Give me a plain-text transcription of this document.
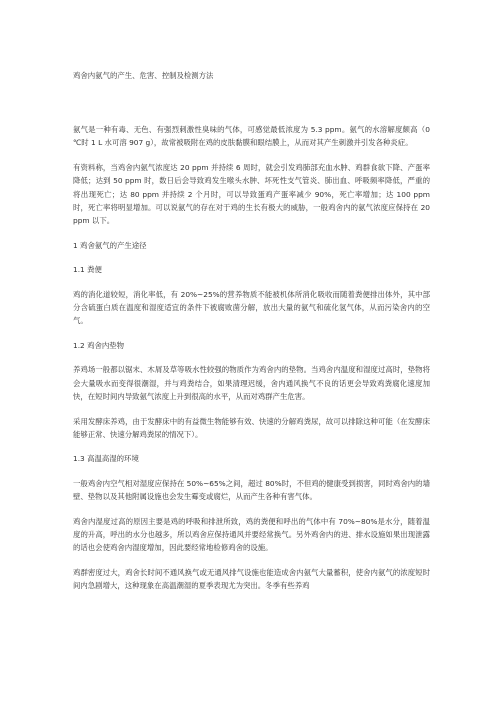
鸡舍内氨气的产生、危害、控制及检测方法
氨气是一种有毒、无色、有强烈刺激性臭味的气体，可感觉最低浓度为 5.3 ppm。氨气的水溶解度颇高（0 ℃时 1 L 水可溶 907 g），故常被吸附在鸡的皮肤黏膜和眼结膜上，从而对其产生刺激并引发各种炎症。
有资料称，当鸡舍内氨气浓度达 20 ppm 并持续 6 周时，就会引发鸡肺部充血水肿、鸡群食欲下降、产蛋率降低；达到 50 ppm 时，数日后会导致鸡发生喉头水肿、坏死性支气管炎、肺出血、呼吸频率降低，严重的将出现死亡；达 80 ppm 并持续 2 个月时，可以导致蛋鸡产蛋率减少 90%，死亡率增加；达 100 ppm 时，死亡率将明显增加。可以说氨气的存在对于鸡的生长有极大的威胁，一般鸡舍内的氨气浓度应保持在 20 ppm 以下。
1 鸡舍氨气的产生途径
1.1 粪便
鸡的消化道较短，消化率低，有 20%~25%的营养物质不能被机体所消化吸收而随着粪便排出体外，其中部分含硫蛋白质在温度和湿度适宜的条件下被腐败菌分解，放出大量的氨气和硫化氢气体，从而污染舍内的空气。
1.2 鸡舍内垫物
养鸡场一般都以锯末、木屑及草等吸水性较强的物质作为鸡舍内的垫物。当鸡舍内温度和湿度过高时，垫物将会大量吸水而变得很潮湿，并与鸡粪结合，如果清理迟缓，舍内通风换气不良的话更会导致鸡粪腐化速度加快，在短时间内导致氨气浓度上升到很高的水平，从而对鸡群产生危害。
采用发酵床养鸡，由于发酵床中的有益微生物能够有效、快速的分解鸡粪尿，故可以排除这种可能（在发酵床能够正常、快速分解鸡粪尿的情况下）。
1.3 高温高湿的环境
一般鸡舍内空气相对湿度应保持在 50%~65%之间，超过 80%时，不但鸡的健康受到损害，同时鸡舍内的墙壁、垫物以及其他附属设施也会发生霉变或腐烂，从而产生各种有害气体。
鸡舍内湿度过高的原因主要是鸡的呼吸和排泄所致，鸡的粪便和呼出的气体中有 70%~80%是水分，随着温度的升高，呼出的水分也越多，所以鸡舍应保持通风并要经常换气。另外鸡舍内的进、排水设施如果出现泄露的话也会使鸡舍内湿度增加，因此要经常地检修鸡舍的设施。
鸡群密度过大，鸡舍长时间不通风换气或无通风排气设施也能造成舍内氨气大量蓄积，使舍内氨气的浓度短时间内急剧增大，这种现象在高温潮湿的夏季表现尤为突出。冬季有些养鸡
